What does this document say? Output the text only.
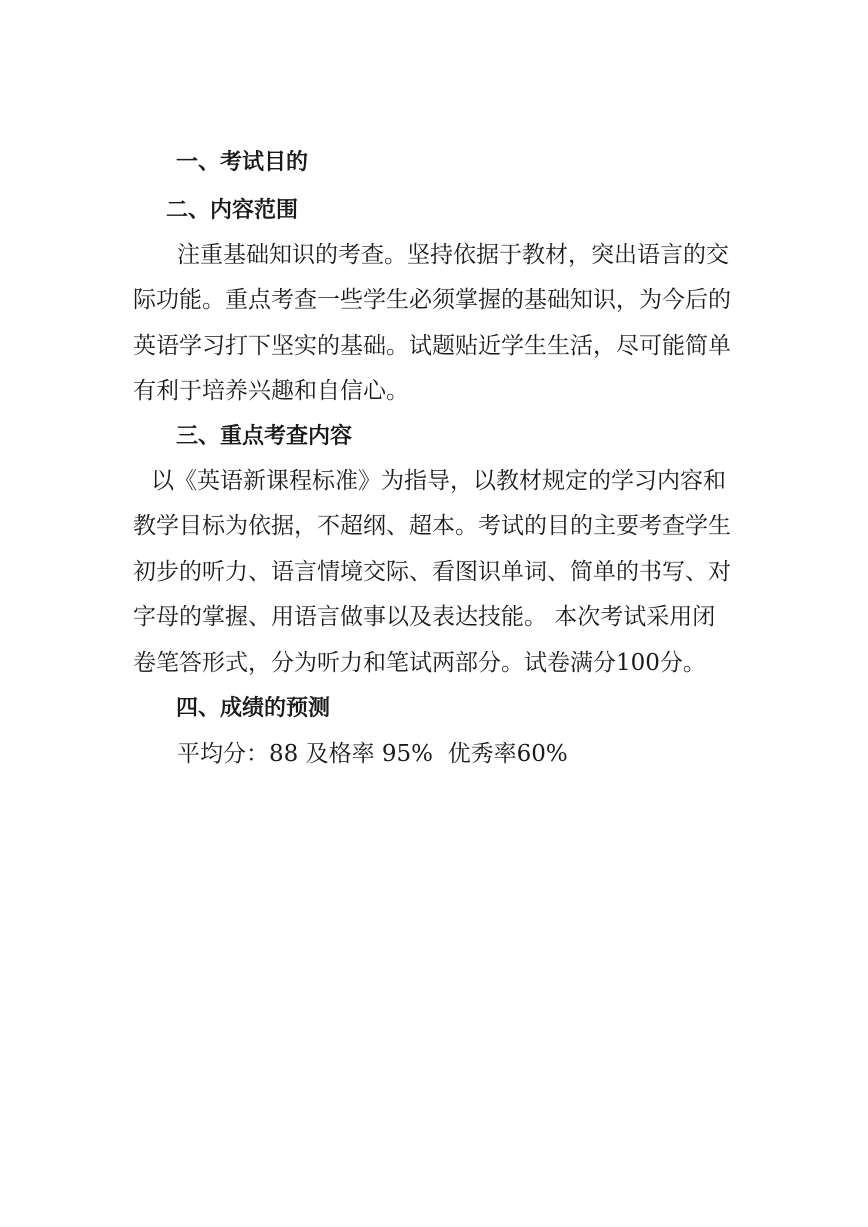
一、考试目的
二、内容范围
注重基础知识的考查。坚持依据于教材，突出语言的交
际功能。重点考查一些学生必须掌握的基础知识，为今后的
英语学习打下坚实的基础。试题贴近学生生活，尽可能简单
有利于培养兴趣和自信心。
三、重点考查内容
以《英语新课程标准》为指导，以教材规定的学习内容和
教学目标为依据，不超纲、超本。考试的目的主要考查学生
初步的听力、语言情境交际、看图识单词、简单的书写、对
字母的掌握、用语言做事以及表达技能。 本次考试采用闭
卷笔答形式，分为听力和笔试两部分。试卷满分100分。
四、成绩的预测
平均分：88 及格率 95%  优秀率60%
